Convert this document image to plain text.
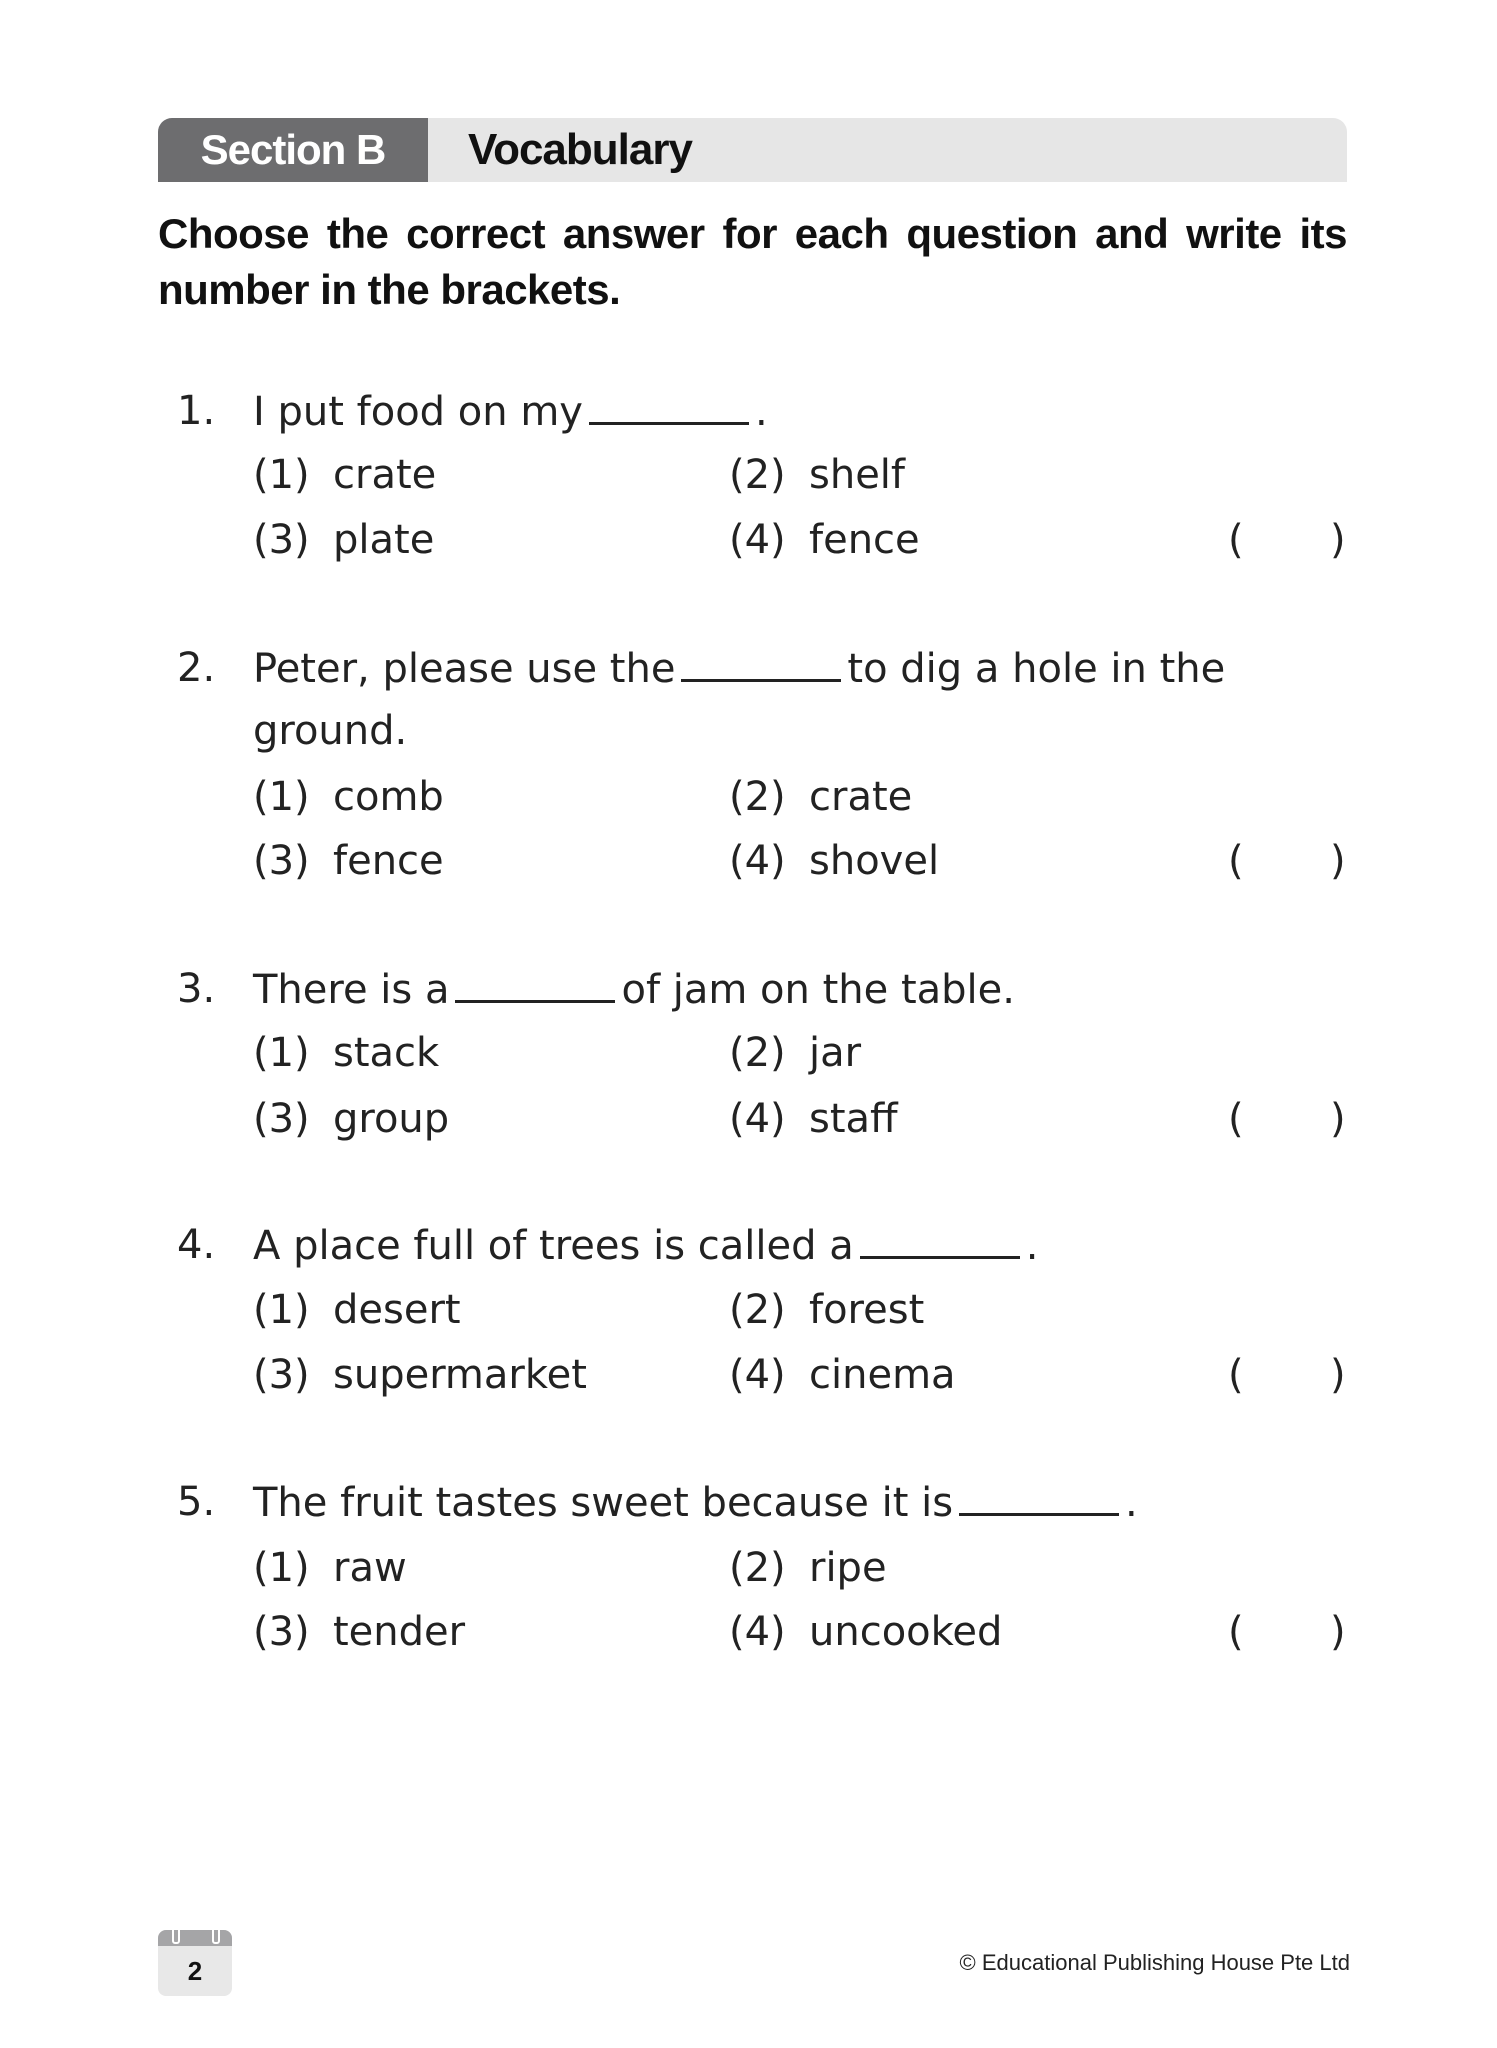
Section B	Vocabulary
Choose the correct answer for each question and write its number in the brackets.
1. I put food on my	.
(1) crate	(2) shelf
(3) plate	(4) fence	( )
2. Peter, please use the	to dig a hole in the
ground.
(1) comb	(2) crate
(3) fence	(4) shovel	( )
3. There is a	of jam on the table.
(1) stack	(2) jar
(3) group	(4) staff	( )
4. A place full of trees is called a	.
(1) desert	(2) forest
(3) supermarket	(4) cinema	( )
5. The fruit tastes sweet because it is	.
(1) raw	(2) ripe
(3) tender	(4) uncooked	( )
2	© Educational Publishing House Pte Ltd
